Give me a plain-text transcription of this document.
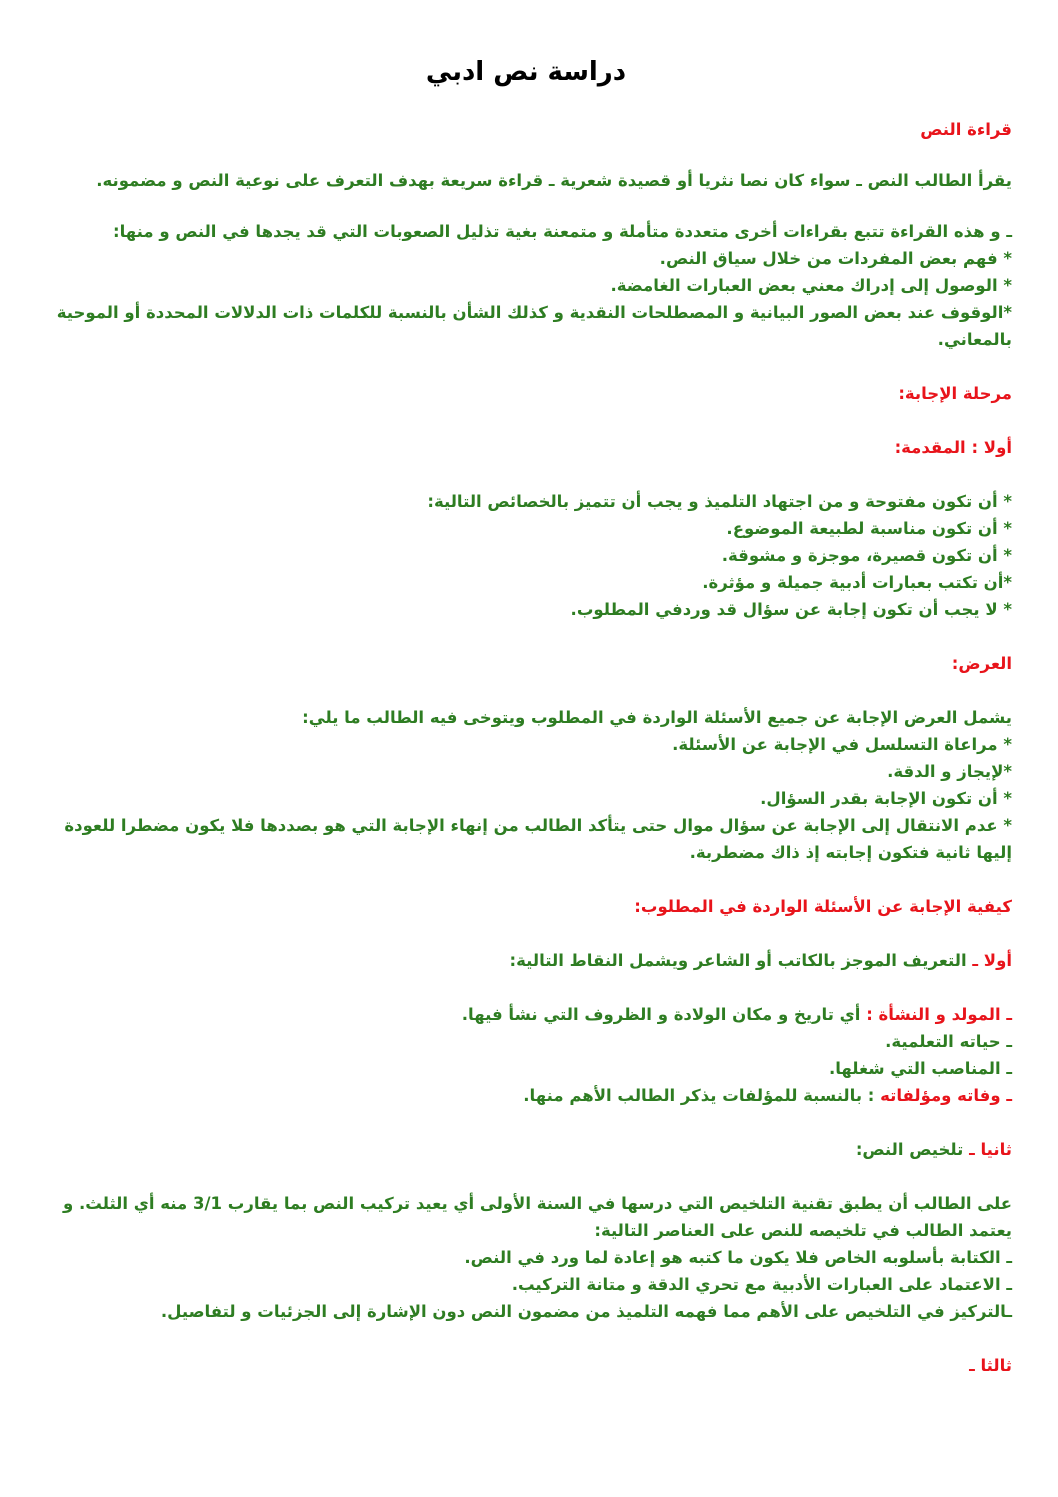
دراسة نص ادبي

قراءة النص

يقرأ الطالب النص ـ سواء كان نصا نثريا أو قصيدة شعرية ـ قراءة سريعة بهدف التعرف على نوعية النص و مضمونه.

ـ و هذه القراءة تتبع بقراءات أخرى متعددة متأملة و متمعنة بغية تذليل الصعوبات التي قد يجدها في النص و منها:

* فهم بعض المفردات من خلال سياق النص.
* الوصول إلى إدراك معني بعض العبارات الغامضة.
*الوقوف عند بعض الصور البيانية و المصطلحات النقدية و كذلك الشأن بالنسبة للكلمات ذات الدلالات المحددة أو الموحية بالمعاني.

مرحلة الإجابة:

أولا : المقدمة:

* أن تكون مفتوحة و من اجتهاد التلميذ و يجب أن تتميز بالخصائص التالية:
* أن تكون مناسبة لطبيعة الموضوع.
* أن تكون قصيرة، موجزة و مشوقة.
*أن تكتب بعبارات أدبية جميلة و مؤثرة.
* لا يجب أن تكون إجابة عن سؤال قد وردفي المطلوب.

العرض:

يشمل العرض الإجابة عن جميع الأسئلة الواردة في المطلوب ويتوخى فيه الطالب ما يلي:
* مراعاة التسلسل في الإجابة عن الأسئلة.
*لإيجاز و الدقة.
* أن تكون الإجابة بقدر السؤال.
* عدم الانتقال إلى الإجابة عن سؤال موال حتى يتأكد الطالب من إنهاء الإجابة التي هو بصددها فلا يكون مضطرا للعودة إليها ثانية فتكون إجابته إذ ذاك مضطربة.

كيفية الإجابة عن الأسئلة الواردة في المطلوب:

أولا ـ التعريف الموجز بالكاتب أو الشاعر ويشمل النقاط التالية:

ـ المولد و النشأة : أي تاريخ و مكان الولادة و الظروف التي نشأ فيها.
ـ حياته التعلمية.
ـ المناصب التي شغلها.
ـ وفاته ومؤلفاته : بالنسبة للمؤلفات يذكر الطالب الأهم منها.

ثانيا ـ تلخيص النص:

على الطالب أن يطبق تقنية التلخيص التي درسها في السنة الأولى أي يعيد تركيب النص بما يقارب 3/1 منه أي الثلث. و يعتمد الطالب في تلخيصه للنص على العناصر التالية:

ـ الكتابة بأسلوبه الخاص فلا يكون ما كتبه هو إعادة لما ورد في النص.
ـ الاعتماد على العبارات الأدبية مع تحري الدقة و متانة التركيب.
ـالتركيز في التلخيص على الأهم مما فهمه التلميذ من مضمون النص دون الإشارة إلى الجزئيات و لتفاصيل.

ثالثا ـ
